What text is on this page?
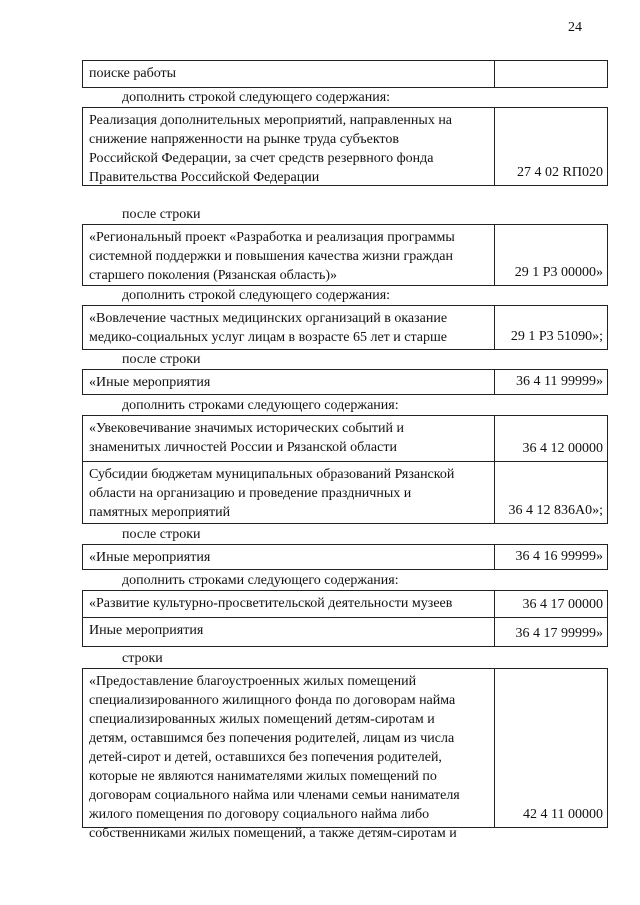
24
поиске работы
дополнить строкой следующего содержания:
Реализация дополнительных мероприятий, направленных на
снижение напряженности на рынке труда субъектов
Российской Федерации, за счет средств резервного фонда
Правительства Российской Федерации	27 4 02 RП020
после строки
«Региональный проект «Разработка и реализация программы
системной поддержки и повышения качества жизни граждан
старшего поколения (Рязанская область)»	29 1 P3 00000»
дополнить строкой следующего содержания:
«Вовлечение частных медицинских организаций в оказание
медико-социальных услуг лицам в возрасте 65 лет и старше	29 1 P3 51090»;
после строки
«Иные мероприятия	36 4 11 99999»
дополнить строками следующего содержания:
«Увековечивание значимых исторических событий и
знаменитых личностей России и Рязанской области	36 4 12 00000
Субсидии бюджетам муниципальных образований Рязанской
области на организацию и проведение праздничных и
памятных мероприятий	36 4 12 836A0»;
после строки
«Иные мероприятия	36 4 16 99999»
дополнить строками следующего содержания:
«Развитие культурно-просветительской деятельности музеев	36 4 17 00000
Иные мероприятия	36 4 17 99999»
строки
«Предоставление благоустроенных жилых помещений
специализированного жилищного фонда по договорам найма
специализированных жилых помещений детям-сиротам и
детям, оставшимся без попечения родителей, лицам из числа
детей-сирот и детей, оставшихся без попечения родителей,
которые не являются нанимателями жилых помещений по
договорам социального найма или членами семьи нанимателя
жилого помещения по договору социального найма либо
собственниками жилых помещений, а также детям-сиротам и
42 4 11 00000
